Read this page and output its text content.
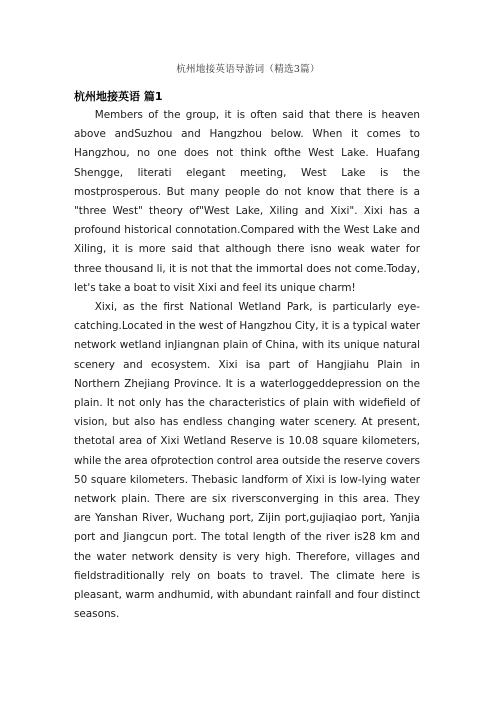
杭州地接英语导游词（精选3篇）
杭州地接英语 篇1

Members of the group, it is often said that there is heaven above andSuzhou and Hangzhou below. When it comes to Hangzhou, no one does not think ofthe West Lake. Huafang Shengge, literati elegant meeting, West Lake is the mostprosperous. But many people do not know that there is a "three West" theory of"West Lake, Xiling and Xixi". Xixi has a profound historical connotation.Compared with the West Lake and Xiling, it is more said that although there isno weak water for three thousand li, it is not that the immortal does not come.Today, let's take a boat to visit Xixi and feel its unique charm!

Xixi, as the first National Wetland Park, is particularly eye-catching.Located in the west of Hangzhou City, it is a typical water network wetland inJiangnan plain of China, with its unique natural scenery and ecosystem. Xixi isa part of Hangjiahu Plain in Northern Zhejiang Province. It is a waterloggeddepression on the plain. It not only has the characteristics of plain with widefield of vision, but also has endless changing water scenery. At present, thetotal area of Xixi Wetland Reserve is 10.08 square kilometers, while the area ofprotection control area outside the reserve covers 50 square kilometers. Thebasic landform of Xixi is low-lying water network plain. There are six riversconverging in this area. They are Yanshan River, Wuchang port, Zijin port,gujiaqiao port, Yanjia port and Jiangcun port. The total length of the river is28 km and the water network density is very high. Therefore, villages and fieldstraditionally rely on boats to travel. The climate here is pleasant, warm andhumid, with abundant rainfall and four distinct seasons.
